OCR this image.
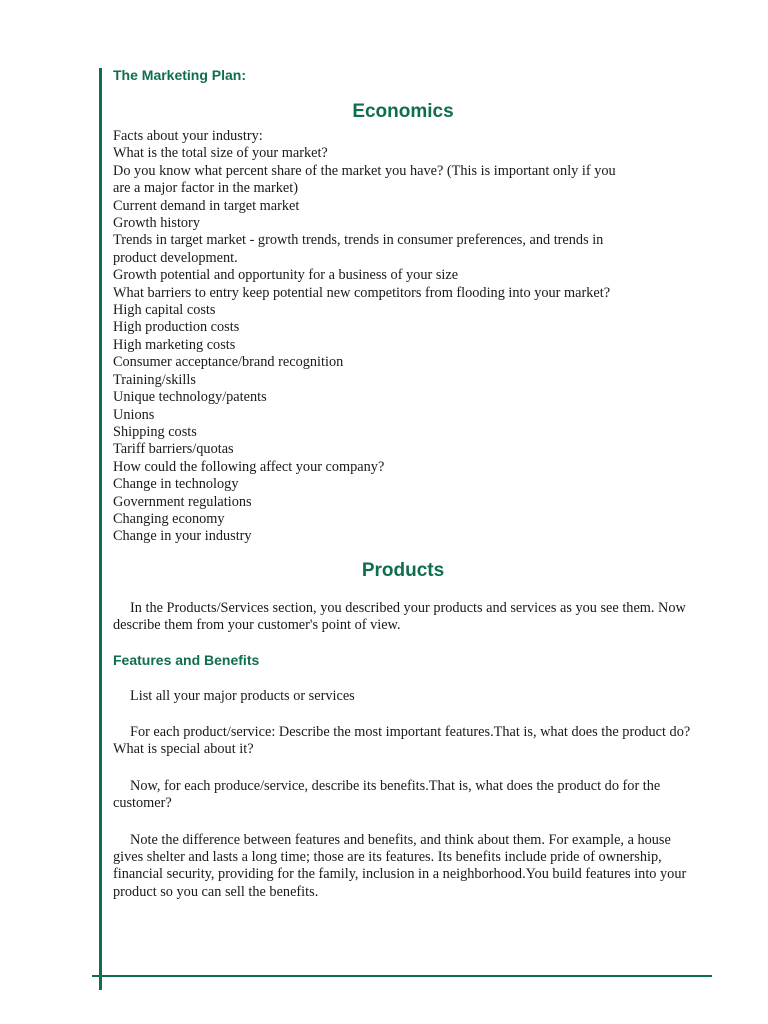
The Marketing Plan:

Economics

Facts about your industry:

What is the total size of your market?

Do you know what percent share of the market you have? (This is important only if you

are a major factor in the market)

Current demand in target market

Growth history

Trends in target market - growth trends, trends in consumer preferences, and trends in

product development.

Growth potential and opportunity for a business of your size

What barriers to entry keep potential new competitors from flooding into your market?

High capital costs

High production costs

High marketing costs

Consumer acceptance/brand recognition

Training/skills

Unique technology/patents

Unions

Shipping costs

Tariff barriers/quotas

How could the following affect your company?

Change in technology

Government regulations

Changing economy

Change in your industry

Products

In the Products/Services section, you described your products and services as you see them. Now describe them from your customer's point of view.

Features and Benefits

List all your major products or services

For each product/service: Describe the most important features.That is, what does the product do? What is special about it?

Now, for each produce/service, describe its benefits.That is, what does the product do for the customer?

Note the difference between features and benefits, and think about them. For example, a house gives shelter and lasts a long time; those are its features. Its benefits include pride of ownership, financial security, providing for the family, inclusion in a neighborhood.You build features into your product so you can sell the benefits.
